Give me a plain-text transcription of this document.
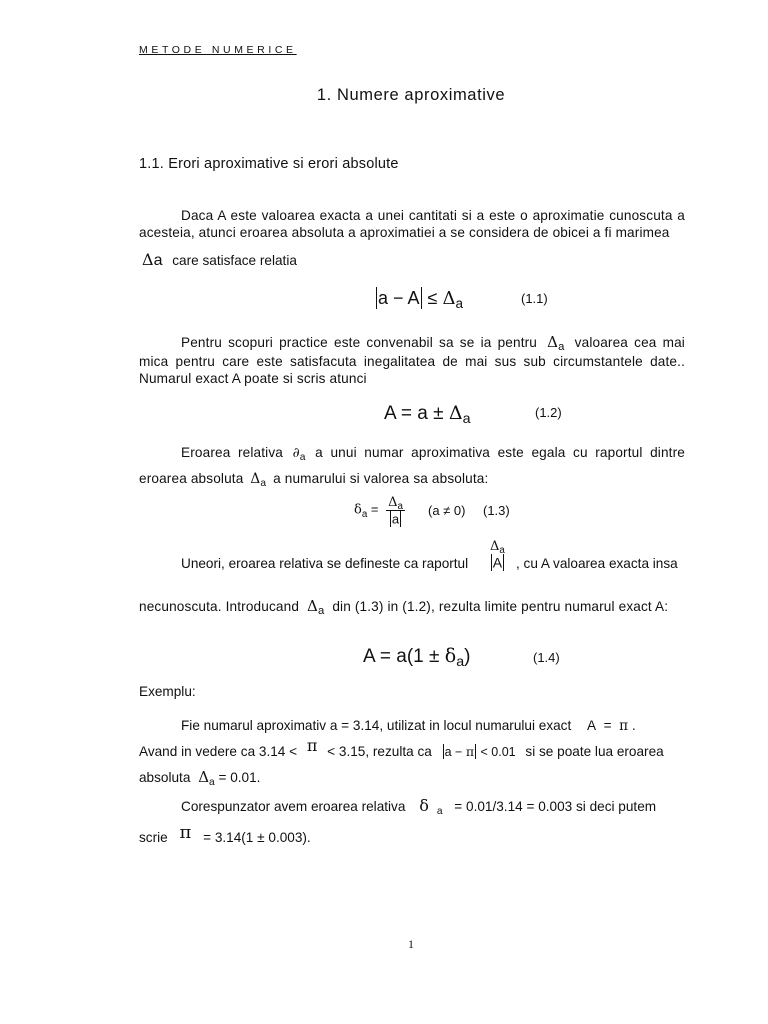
METODE NUMERICE
1. Numere aproximative
1.1. Erori aproximative si erori absolute
Daca A este valoarea exacta a unei cantitati si a este o aproximatie cunoscuta a acesteia, atunci eroarea absoluta a aproximatiei a se considera de obicei a fi marimea
Δa care satisface relatia
$a - A \le \Delta_a$	(1.1)
Pentru scopuri practice este convenabil sa se ia pentru $\Delta_a$ valoarea cea mai mica pentru care este satisfacuta inegalitatea de mai sus sub circumstantele date.. Numarul exact A poate si scris atunci
$A = a \pm \Delta_a$	(1.2)
Eroarea relativa $\partial_a$ a unui numar aproximativa este egala cu raportul dintre eroarea absoluta $\Delta_a$ a numarului si valorea sa absoluta:
$\delta_a = \frac{\Delta_a}{a} (a \ne 0)$ (1.3)
Uneori, eroarea relativa se defineste ca raportul
$\Delta_a$
A	, cu A valoarea exacta insa
necunoscuta. Introducand $\Delta_a$ din (1.3) in (1.2), rezulta limite pentru numarul exact A:
$A = a(1 \pm \delta_a)$	(1.4)
Exemplu:
Fie numarul aproximativ a = 3.14, utilizat in locul numarului exact A  =  π .
Avand in vedere ca 3.14 < π < 3.15, rezulta ca a − π < 0.01 si se poate lua eroarea
absoluta $\Delta_a = 0.01$.
Corespunzator avem eroarea relativa δ $_a$ = 0.01/3.14 = 0.003 si deci putem
scrie π = 3.14(1 ± 0.003).
1
